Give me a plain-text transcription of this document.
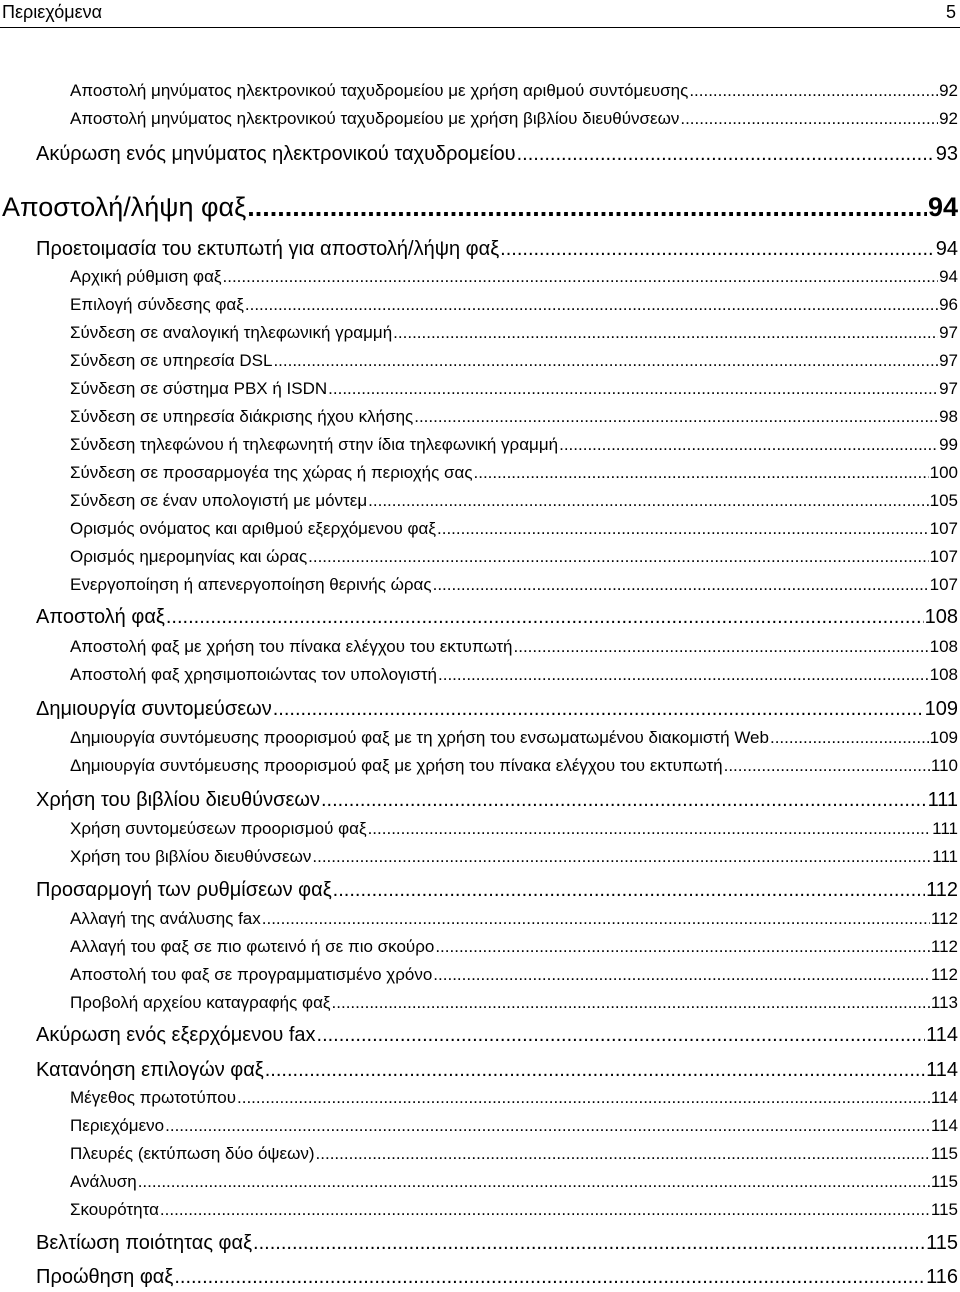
Περιεχόμενα	5
Αποστολή μηνύματος ηλεκτρονικού ταχυδρομείου με χρήση αριθμού συντόμευσης .....	92
Αποστολή μηνύματος ηλεκτρονικού ταχυδρομείου με χρήση βιβλίου διευθύνσεων .....	92
Ακύρωση ενός μηνύματος ηλεκτρονικού ταχυδρομείου .....	93
Αποστολή/λήψη φαξ .....	94
Προετοιμασία του εκτυπωτή για αποστολή/λήψη φαξ .....	94
Αρχική ρύθμιση φαξ .....	94
Επιλογή σύνδεσης φαξ .....	96
Σύνδεση σε αναλογική τηλεφωνική γραμμή .....	97
Σύνδεση σε υπηρεσία DSL .....	97
Σύνδεση σε σύστημα PBX ή ISDN .....	97
Σύνδεση σε υπηρεσία διάκρισης ήχου κλήσης .....	98
Σύνδεση τηλεφώνου ή τηλεφωνητή στην ίδια τηλεφωνική γραμμή .....	99
Σύνδεση σε προσαρμογέα της χώρας ή περιοχής σας .....	100
Σύνδεση σε έναν υπολογιστή με μόντεμ .....	105
Ορισμός ονόματος και αριθμού εξερχόμενου φαξ .....	107
Ορισμός ημερομηνίας και ώρας .....	107
Ενεργοποίηση ή απενεργοποίηση θερινής ώρας .....	107
Αποστολή φαξ .....	108
Αποστολή φαξ με χρήση του πίνακα ελέγχου του εκτυπωτή .....	108
Αποστολή φαξ χρησιμοποιώντας τον υπολογιστή .....	108
Δημιουργία συντομεύσεων .....	109
Δημιουργία συντόμευσης προορισμού φαξ με τη χρήση του ενσωματωμένου διακομιστή Web .....	109
Δημιουργία συντόμευσης προορισμού φαξ με χρήση του πίνακα ελέγχου του εκτυπωτή .....	110
Χρήση του βιβλίου διευθύνσεων .....	111
Χρήση συντομεύσεων προορισμού φαξ .....	111
Χρήση του βιβλίου διευθύνσεων .....	111
Προσαρμογή των ρυθμίσεων φαξ .....	112
Αλλαγή της ανάλυσης fax .....	112
Αλλαγή του φαξ σε πιο φωτεινό ή σε πιο σκούρο .....	112
Αποστολή του φαξ σε προγραμματισμένο χρόνο .....	112
Προβολή αρχείου καταγραφής φαξ .....	113
Ακύρωση ενός εξερχόμενου fax .....	114
Κατανόηση επιλογών φαξ .....	114
Μέγεθος πρωτοτύπου .....	114
Περιεχόμενο .....	114
Πλευρές (εκτύπωση δύο όψεων) .....	115
Ανάλυση .....	115
Σκουρότητα .....	115
Βελτίωση ποιότητας φαξ .....	115
Προώθηση φαξ .....	116
